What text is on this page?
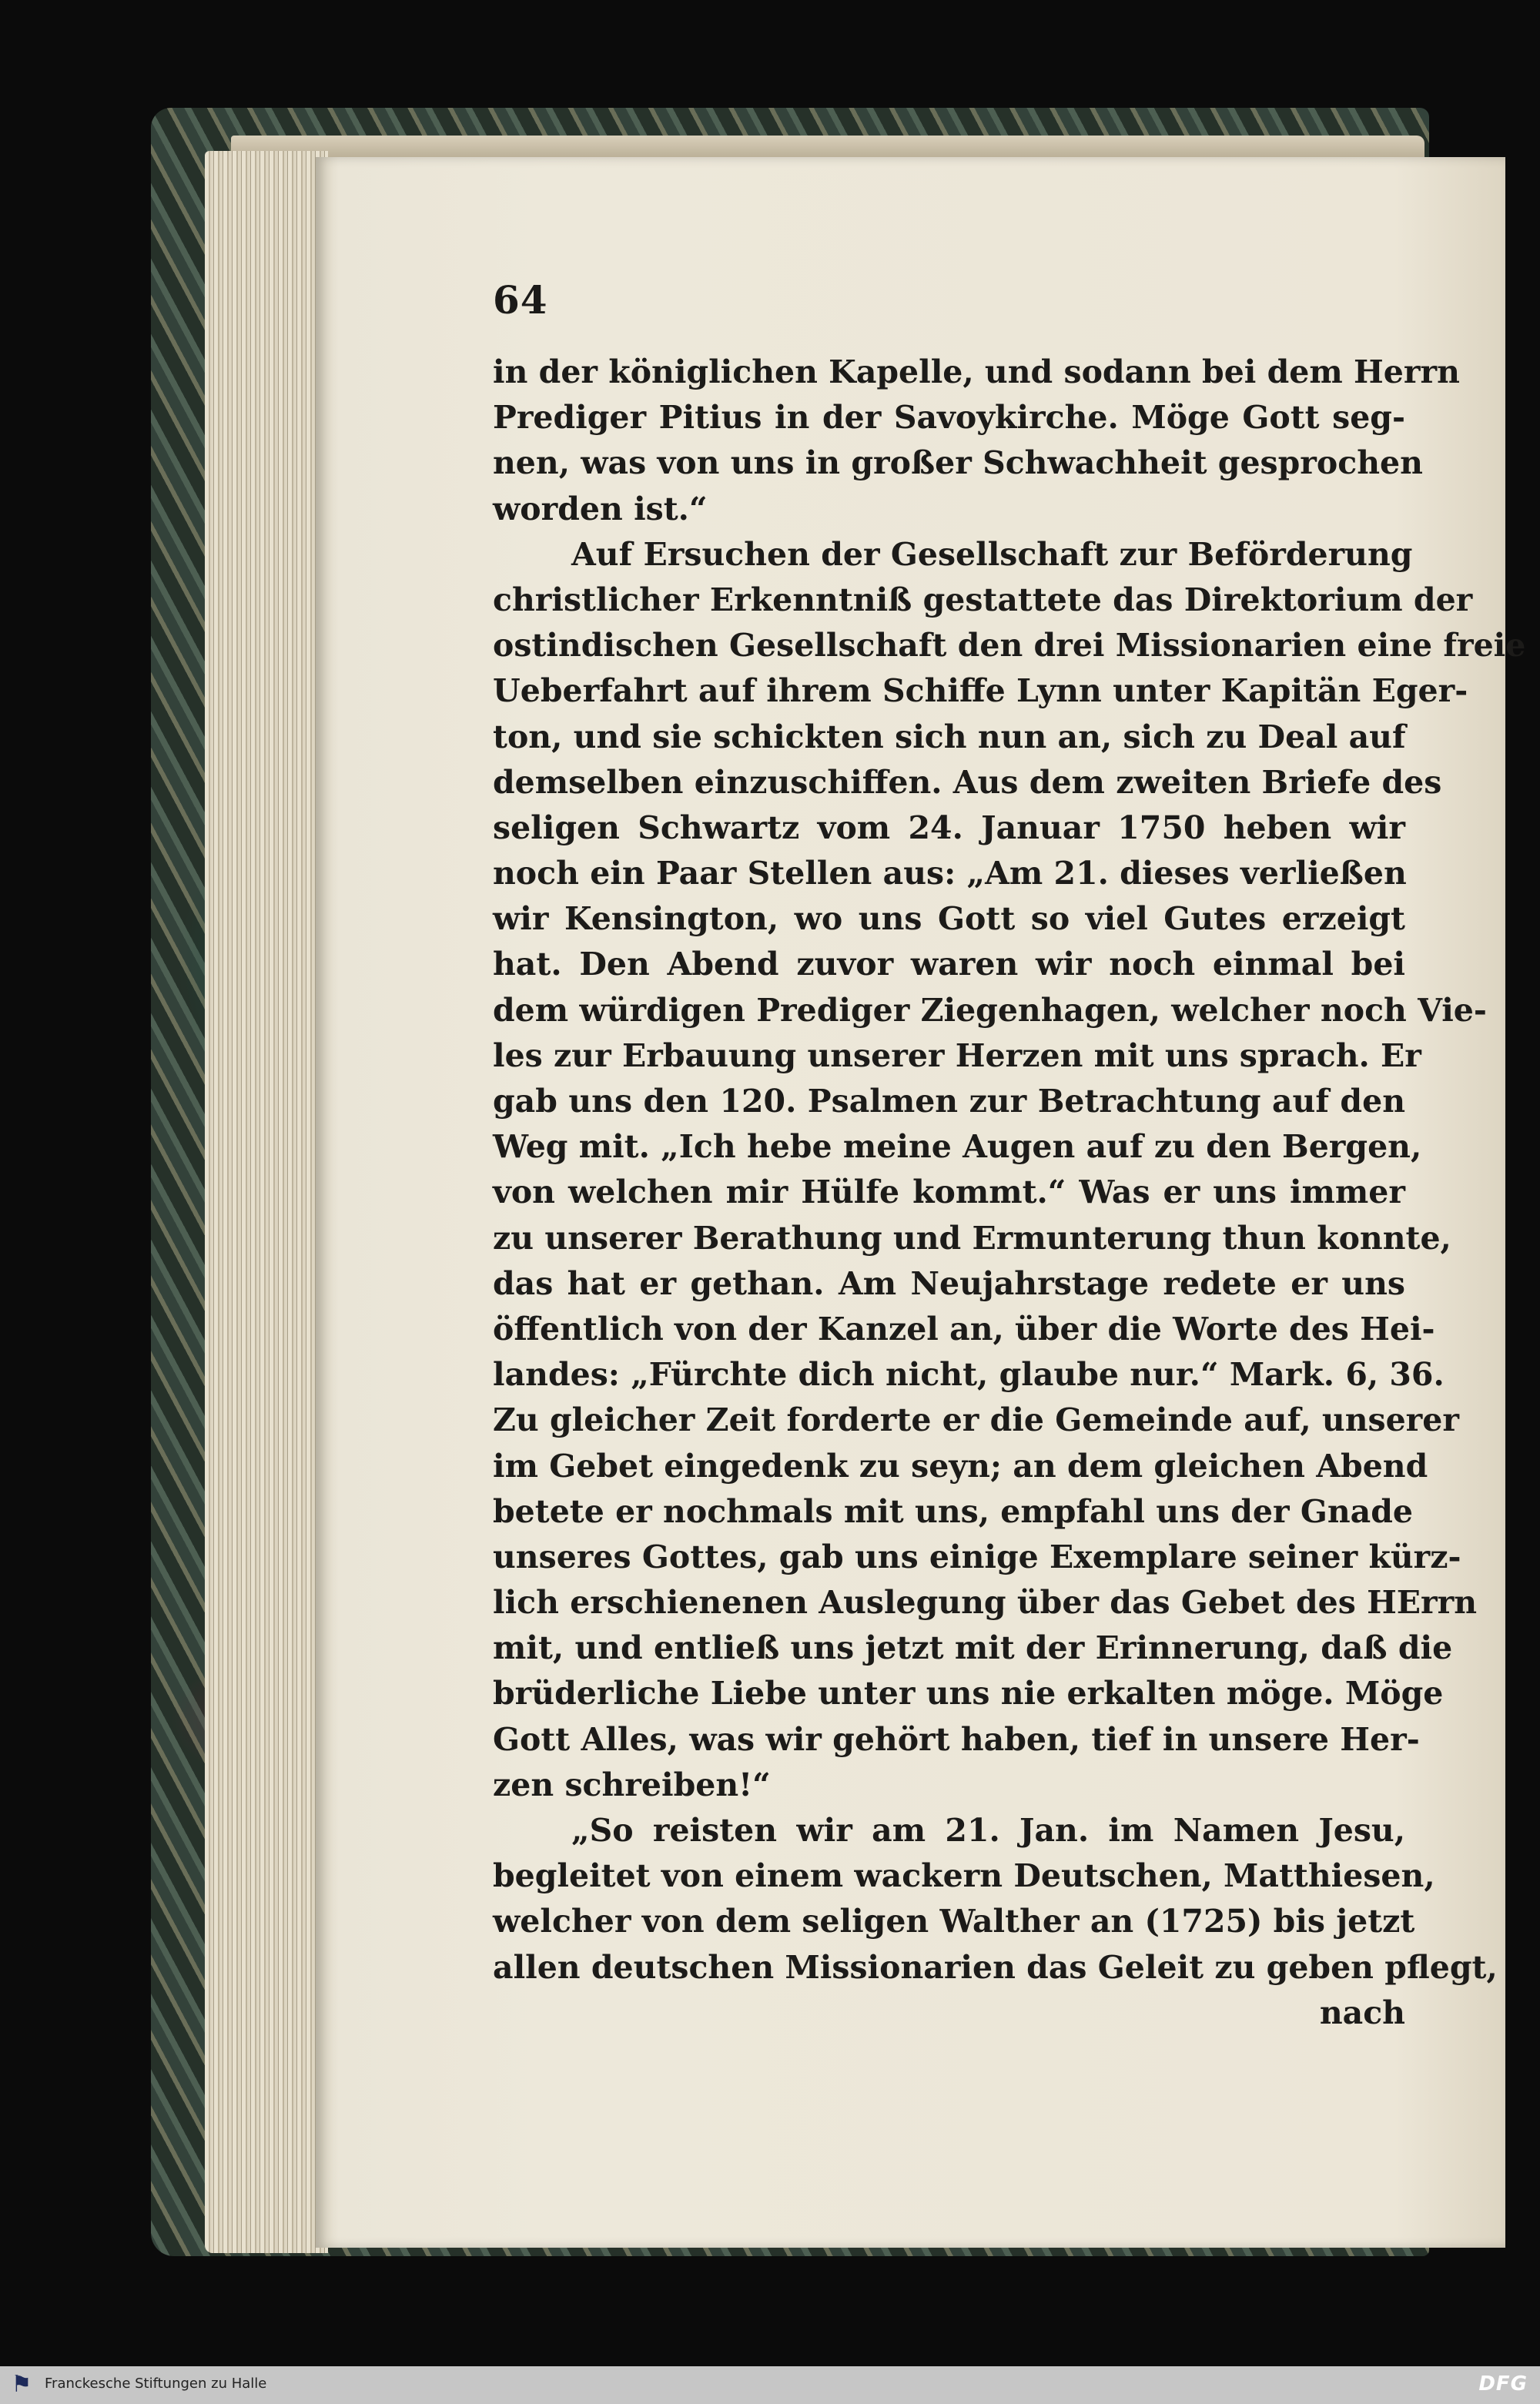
64
in der königlichen Kapelle, und sodann bei dem Herrn
Prediger Pitius in der Savoykirche. Möge Gott seg-
nen, was von uns in großer Schwachheit gesprochen
worden ist.“
Auf Ersuchen der Gesellschaft zur Beförderung
christlicher Erkenntniß gestattete das Direktorium der
ostindischen Gesellschaft den drei Missionarien eine freie
Ueberfahrt auf ihrem Schiffe Lynn unter Kapitän Eger-
ton, und sie schickten sich nun an, sich zu Deal auf
demselben einzuschiffen. Aus dem zweiten Briefe des
seligen Schwartz vom 24. Januar 1750 heben wir
noch ein Paar Stellen aus: „Am 21. dieses verließen
wir Kensington, wo uns Gott so viel Gutes erzeigt
hat. Den Abend zuvor waren wir noch einmal bei
dem würdigen Prediger Ziegenhagen, welcher noch Vie-
les zur Erbauung unserer Herzen mit uns sprach. Er
gab uns den 120. Psalmen zur Betrachtung auf den
Weg mit. „Ich hebe meine Augen auf zu den Bergen,
von welchen mir Hülfe kommt.“ Was er uns immer
zu unserer Berathung und Ermunterung thun konnte,
das hat er gethan. Am Neujahrstage redete er uns
öffentlich von der Kanzel an, über die Worte des Hei-
landes: „Fürchte dich nicht, glaube nur.“ Mark. 6, 36.
Zu gleicher Zeit forderte er die Gemeinde auf, unserer
im Gebet eingedenk zu seyn; an dem gleichen Abend
betete er nochmals mit uns, empfahl uns der Gnade
unseres Gottes, gab uns einige Exemplare seiner kürz-
lich erschienenen Auslegung über das Gebet des HErrn
mit, und entließ uns jetzt mit der Erinnerung, daß die
brüderliche Liebe unter uns nie erkalten möge. Möge
Gott Alles, was wir gehört haben, tief in unsere Her-
zen schreiben!“
„So reisten wir am 21. Jan. im Namen Jesu,
begleitet von einem wackern Deutschen, Matthiesen,
welcher von dem seligen Walther an (1725) bis jetzt
allen deutschen Missionarien das Geleit zu geben pflegt,
nach
⚑ Franckesche Stiftungen zu Halle	DFG
